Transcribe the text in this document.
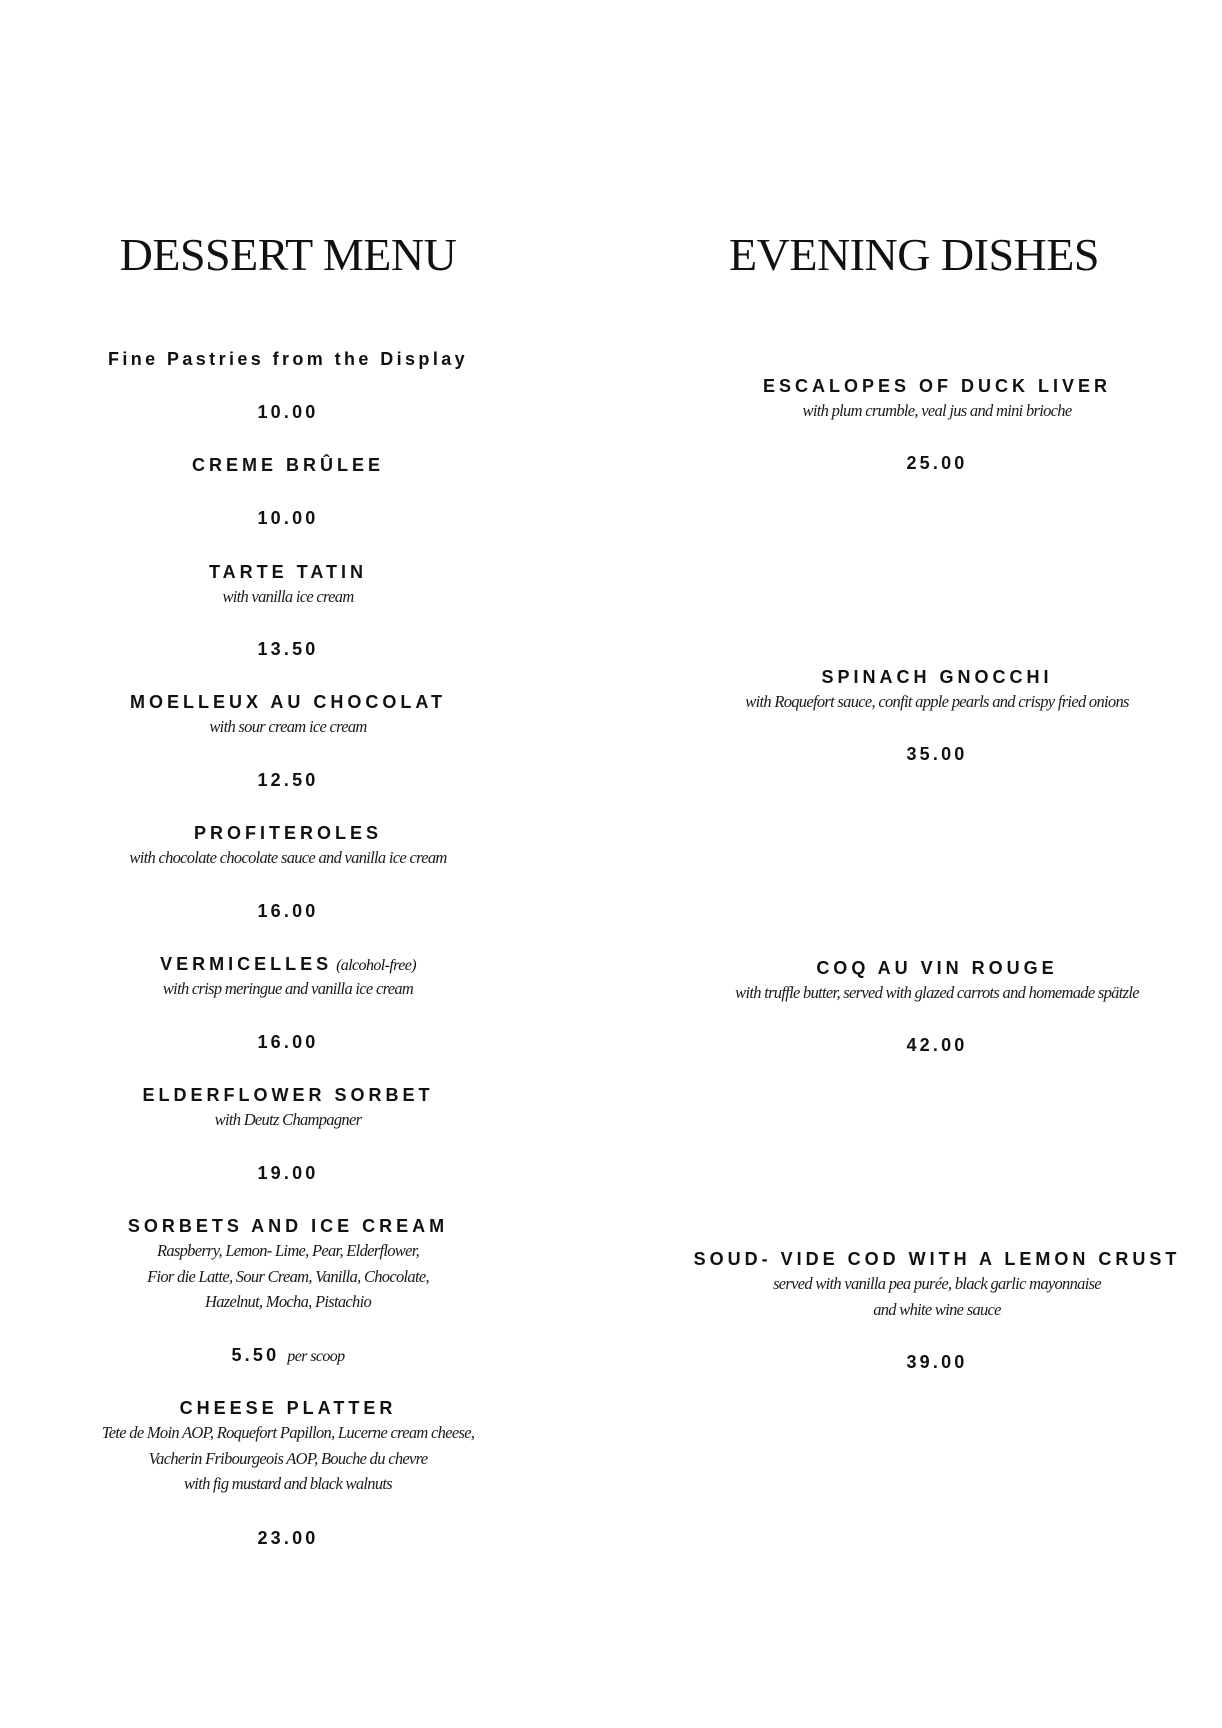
DESSERT MENU	EVENING DISHES
Fine Pastries from the Display
10.00
CREME BRÛLEE
10.00
TARTE TATIN
with vanilla ice cream
13.50
MOELLEUX AU CHOCOLAT
with sour cream ice cream
12.50
PROFITEROLES
with chocolate chocolate sauce and vanilla ice cream
16.00
VERMICELLES (alcohol-free)
with crisp meringue and vanilla ice cream
16.00
ELDERFLOWER SORBET
with Deutz Champagner
19.00
SORBETS AND ICE CREAM
Raspberry, Lemon- Lime, Pear, Elderflower,
Fior die Latte, Sour Cream, Vanilla, Chocolate,
Hazelnut, Mocha, Pistachio
5.50 per scoop
CHEESE PLATTER
Tete de Moin AOP, Roquefort Papillon, Lucerne cream cheese,
Vacherin Fribourgeois AOP, Bouche du chevre
with fig mustard and black walnuts
23.00
ESCALOPES OF DUCK LIVER
with plum crumble, veal jus and mini brioche
25.00
SPINACH GNOCCHI
with Roquefort sauce, confit apple pearls and crispy fried onions
35.00
COQ AU VIN ROUGE
with truffle butter, served with glazed carrots and homemade spätzle
42.00
SOUD- VIDE COD WITH A LEMON CRUST
served with vanilla pea purée, black garlic mayonnaise
and white wine sauce
39.00
